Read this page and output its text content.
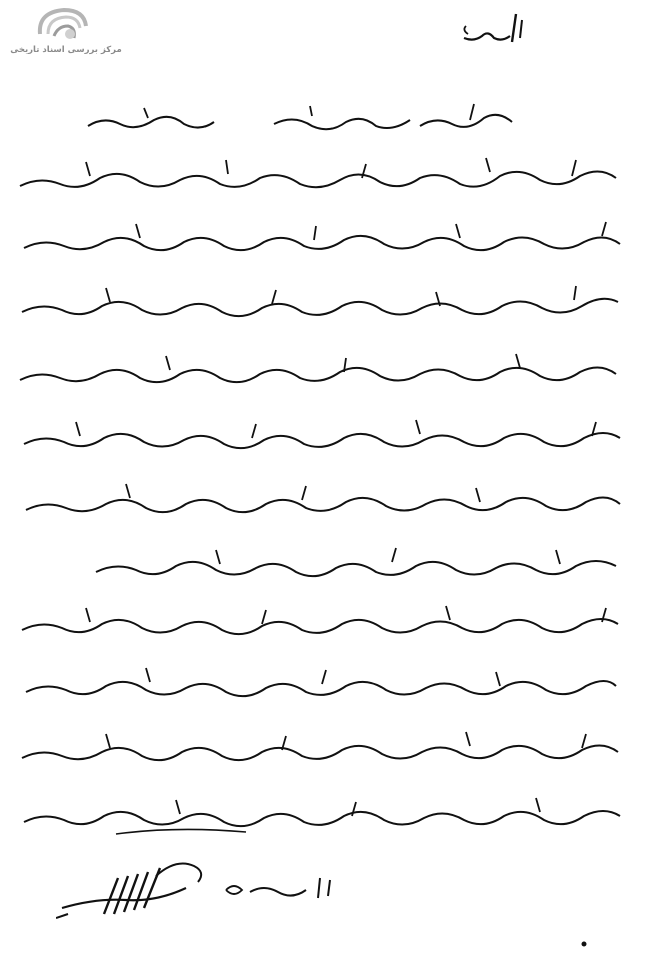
مرکز بررسی اسناد تاریخی
